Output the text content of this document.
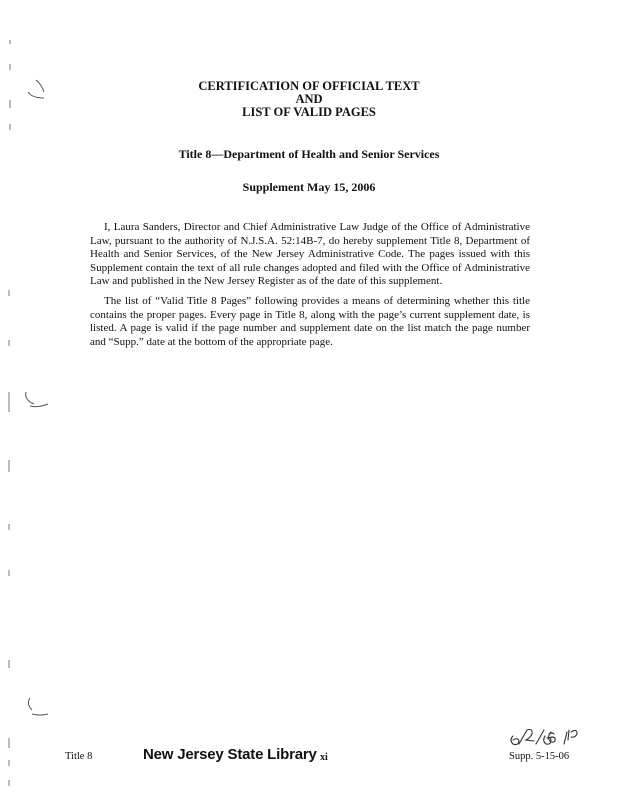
CERTIFICATION OF OFFICIAL TEXT
AND
LIST OF VALID PAGES
Title 8—Department of Health and Senior Services
Supplement May 15, 2006

I, Laura Sanders, Director and Chief Administrative Law Judge of the Office of Administrative Law, pursuant to the authority of N.J.S.A. 52:14B-7, do hereby supplement Title 8, Department of Health and Senior Services, of the New Jersey Administrative Code. The pages issued with this Supplement contain the text of all rule changes adopted and filed with the Office of Administrative Law and published in the New Jersey Register as of the date of this supplement.

The list of “Valid Title 8 Pages” following provides a means of determining whether this title contains the proper pages. Every page in Title 8, along with the page’s current supplement date, is listed. A page is valid if the page number and supplement date on the list match the page number and “Supp.” date at the bottom of the appropriate page.

Title 8	New Jersey State Library xi	Supp. 5-15-06
